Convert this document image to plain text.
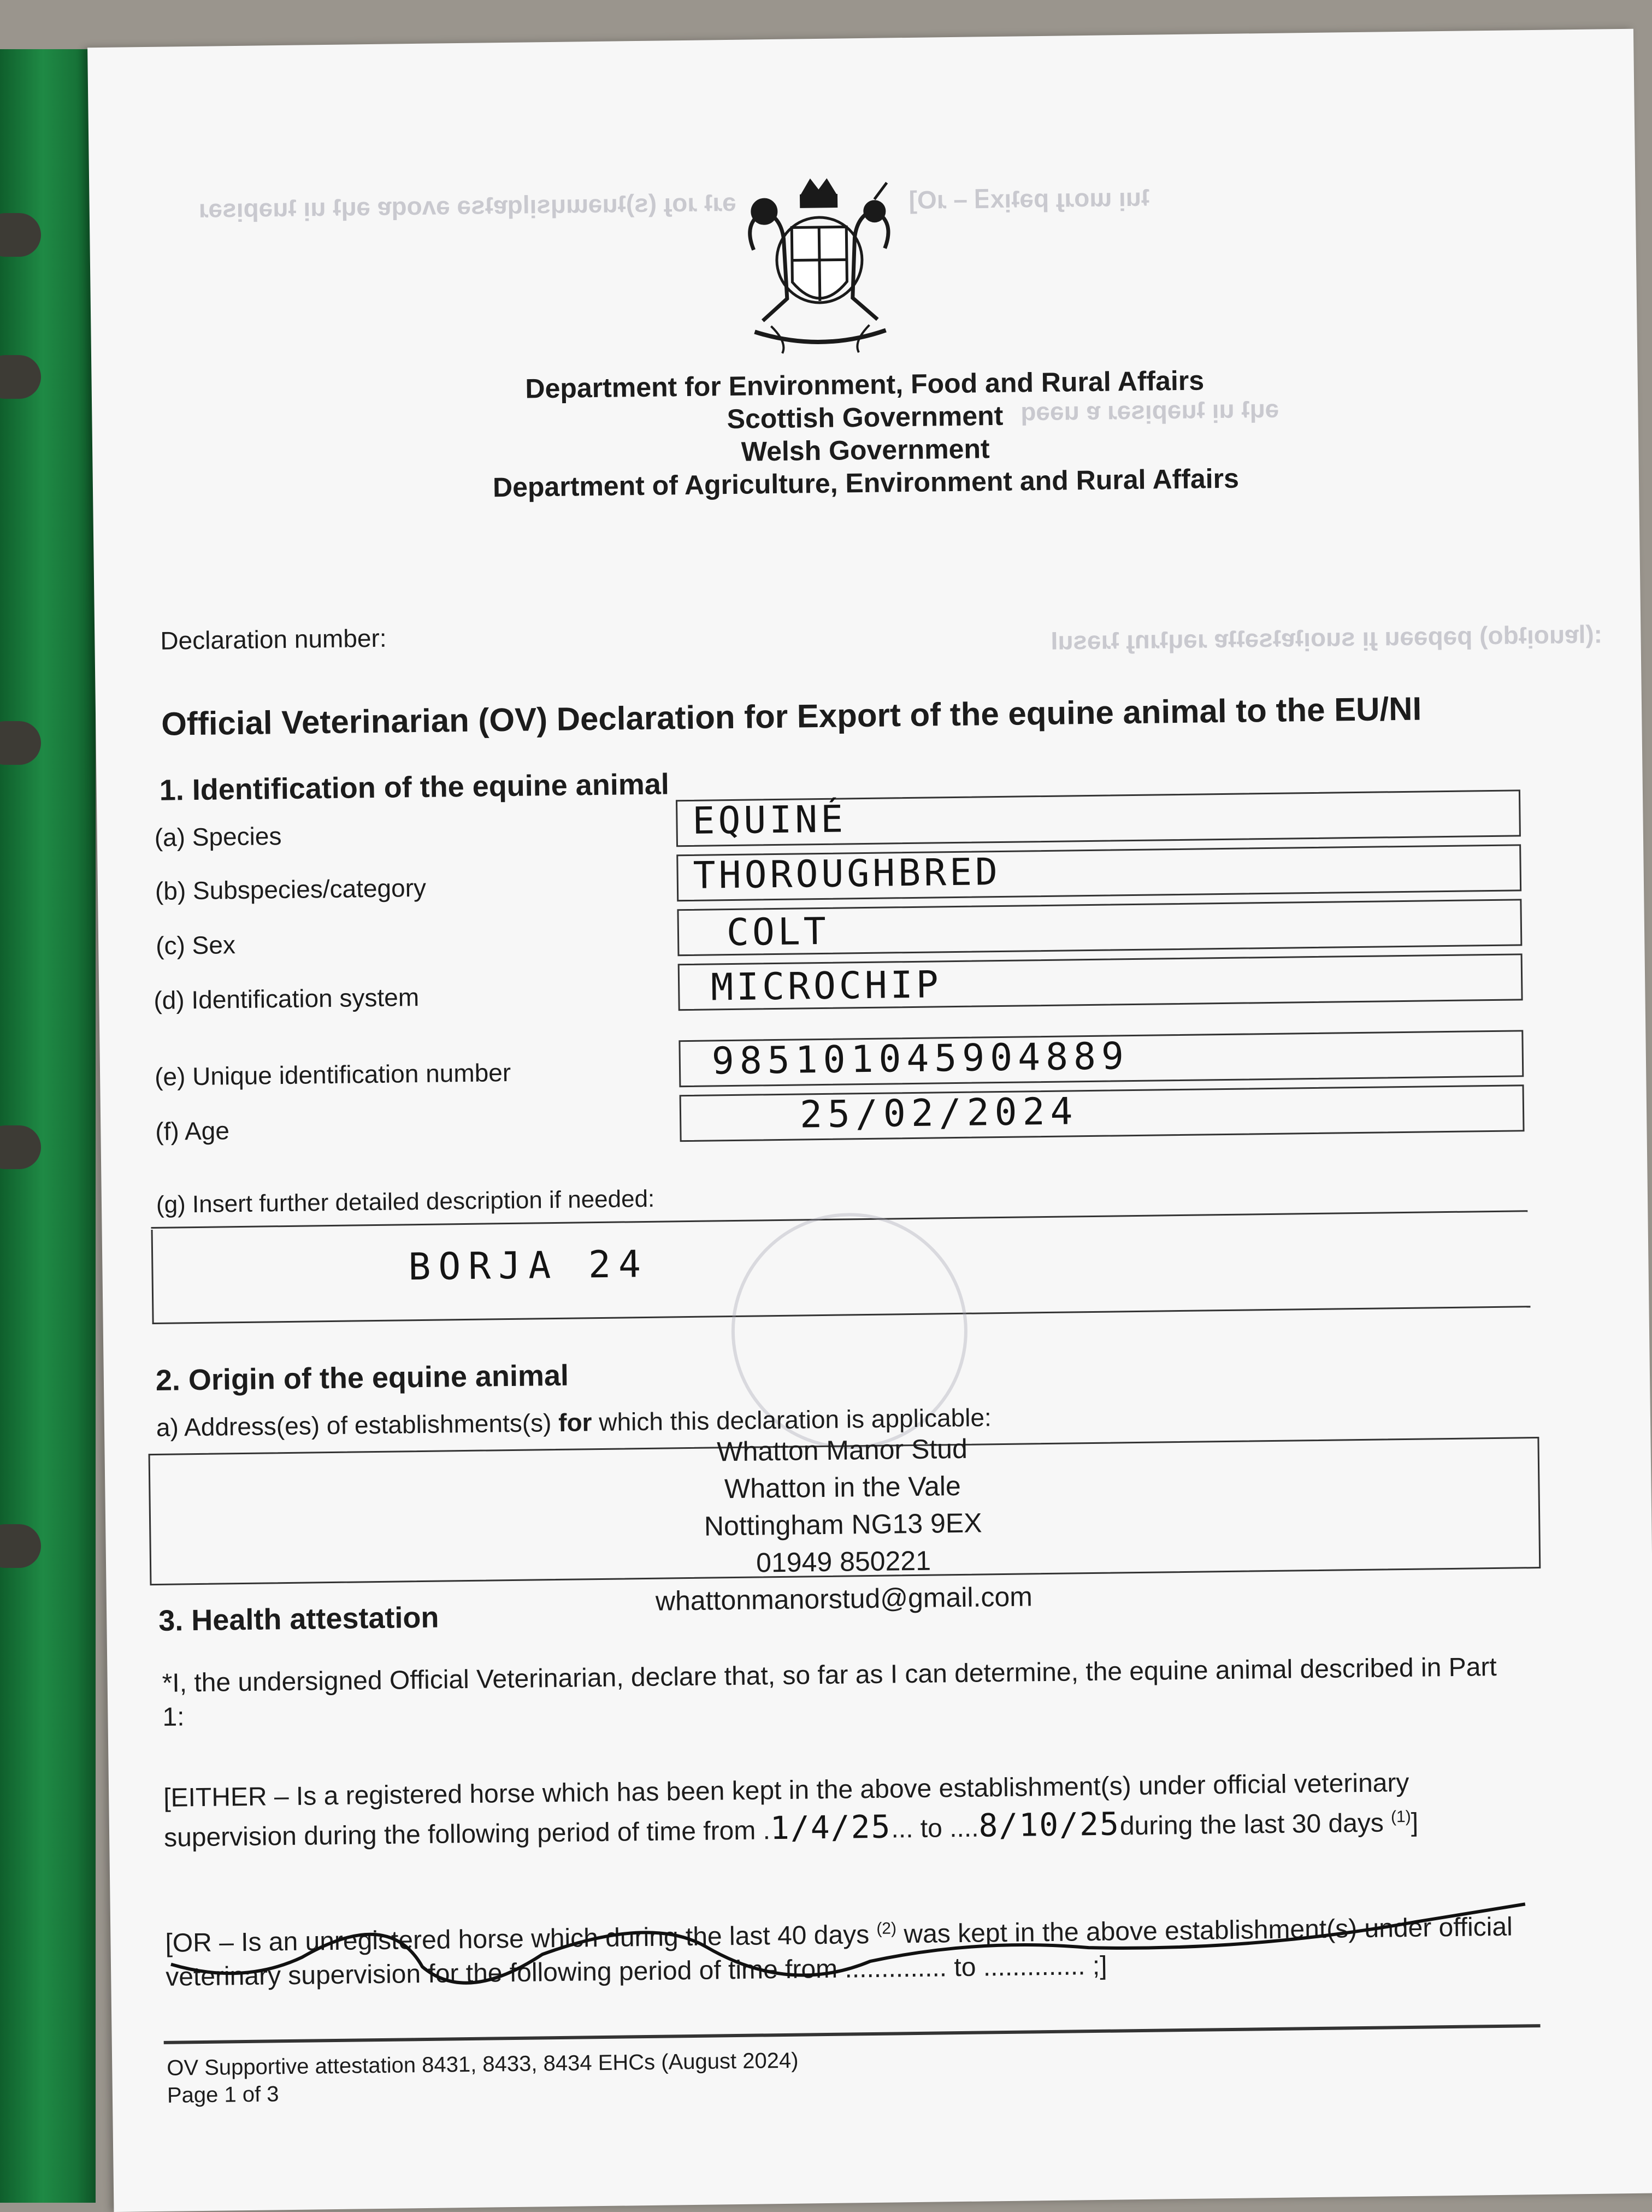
ǝɹʇ ɹoɟ (s)ʇuǝɯɥsᴉlqɐʇsǝ ǝʌoqɐ ǝɥʇ uᴉ ʇuǝpᴉsǝɹ	ʇuᴉ ɯoɹɟ pǝʇᴉx∃ – ɹO]
ǝɥʇ uᴉ ʇuǝpᴉsǝɹ ɐ uǝǝq
:(lɐuoᴉʇdo) pǝpǝǝu ɟᴉ suoᴉʇɐʇsǝʇʇɐ ɹǝɥʇɹnɟ ʇɹǝsuI
Department for Environment, Food and Rural Affairs
Scottish Government
Welsh Government
Department of Agriculture, Environment and Rural Affairs
Declaration number:
Official Veterinarian (OV) Declaration for Export of the equine animal to the EU/NI
1. Identification of the equine animal
(a) Species	EQUINÉ
(b) Subspecies/category	THOROUGHBRED
(c) Sex	COLT
(d) Identification system	MICROCHIP
(e) Unique identification number	985101045904889
(f) Age	25/02/2024
(g) Insert further detailed description if needed:
BORJA 24
2. Origin of the equine animal
a) Address(es) of establishments(s) for which this declaration is applicable:
Whatton Manor Stud
Whatton in the Vale
Nottingham NG13 9EX
01949 850221
whattonmanorstud@gmail.com
3. Health attestation
*I, the undersigned Official Veterinarian, declare that, so far as I can determine, the equine animal described in Part
1:
[EITHER – Is a registered horse which has been kept in the above establishment(s) under official veterinary
supervision during the following period of time from .1/4/25... to ....8/10/25during the last 30 days $^{(1)}$]
[OR – Is an unregistered horse which during the last 40 days $^{(2)}$ was kept in the above establishment(s) under official
veterinary supervision for the following period of time from .............. to .............. ;]
OV Supportive attestation 8431, 8433, 8434 EHCs (August 2024)
Page 1 of 3
